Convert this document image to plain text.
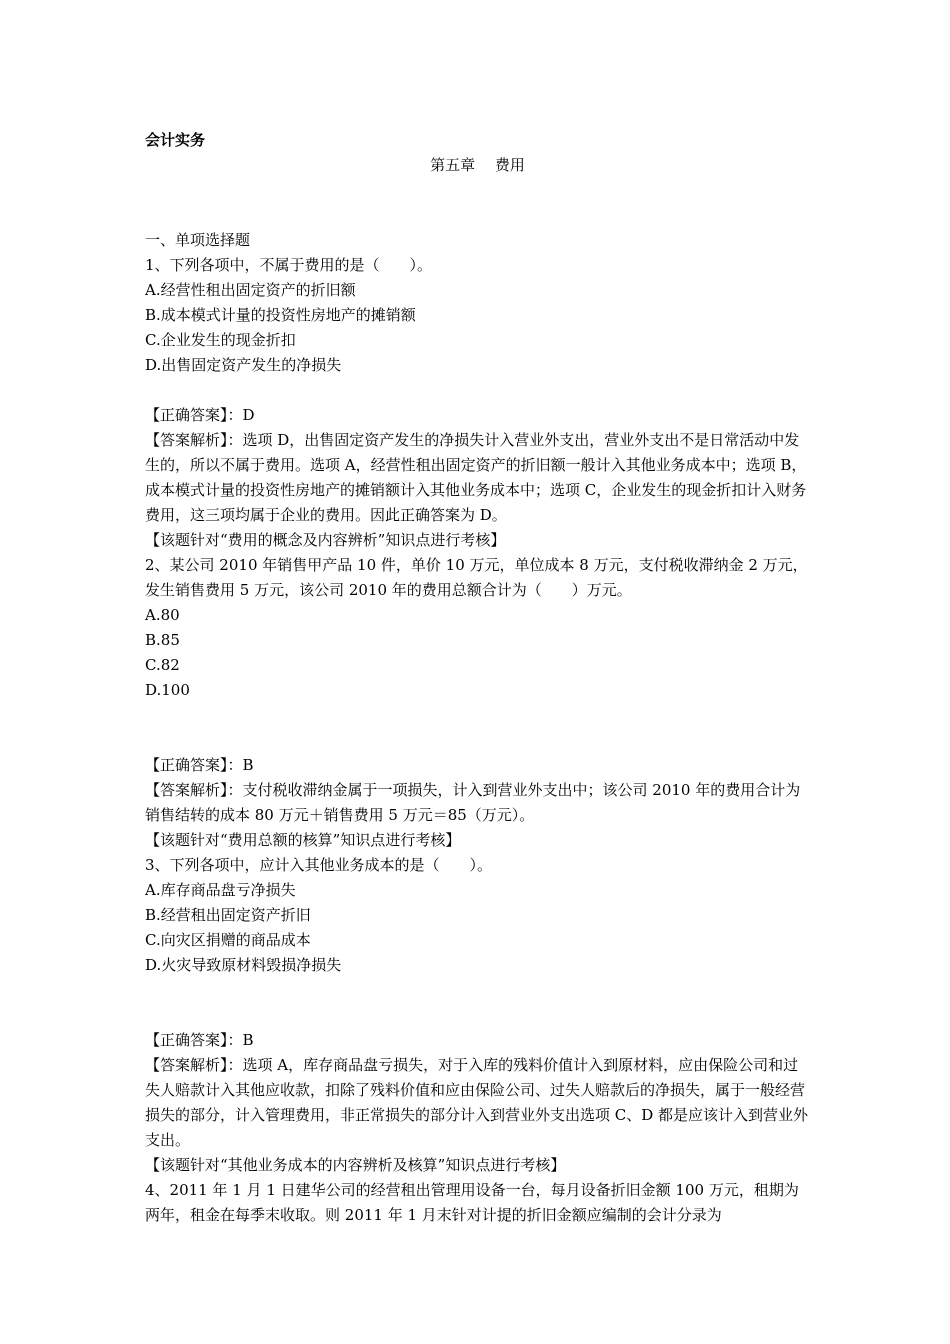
会计实务
第五章　 费用
一、单项选择题
1、下列各项中，不属于费用的是（　　）。
A.经营性租出固定资产的折旧额
B.成本模式计量的投资性房地产的摊销额
C.企业发生的现金折扣
D.出售固定资产发生的净损失
【正确答案】：D
【答案解析】：选项 D，出售固定资产发生的净损失计入营业外支出，营业外支出不是日常活动中发生的，所以不属于费用。选项 A，经营性租出固定资产的折旧额一般计入其他业务成本中；选项 B，成本模式计量的投资性房地产的摊销额计入其他业务成本中；选项 C，企业发生的现金折扣计入财务费用，这三项均属于企业的费用。因此正确答案为 D。
【该题针对“费用的概念及内容辨析”知识点进行考核】
2、某公司 2010 年销售甲产品 10 件，单价 10 万元，单位成本 8 万元，支付税收滞纳金 2 万元，发生销售费用 5 万元，该公司 2010 年的费用总额合计为（　　）万元。
A.80
B.85
C.82
D.100
【正确答案】：B
【答案解析】：支付税收滞纳金属于一项损失，计入到营业外支出中；该公司 2010 年的费用合计为销售结转的成本 80 万元＋销售费用 5 万元＝85（万元）。
【该题针对“费用总额的核算”知识点进行考核】
3、下列各项中，应计入其他业务成本的是（　　）。
A.库存商品盘亏净损失
B.经营租出固定资产折旧
C.向灾区捐赠的商品成本
D.火灾导致原材料毁损净损失
【正确答案】：B
【答案解析】：选项 A，库存商品盘亏损失，对于入库的残料价值计入到原材料，应由保险公司和过失人赔款计入其他应收款，扣除了残料价值和应由保险公司、过失人赔款后的净损失，属于一般经营损失的部分，计入管理费用，非正常损失的部分计入到营业外支出选项 C、D 都是应该计入到营业外支出。
【该题针对“其他业务成本的内容辨析及核算”知识点进行考核】
4、2011 年 1 月 1 日建华公司的经营租出管理用设备一台，每月设备折旧金额 100 万元，租期为两年，租金在每季末收取。则 2011 年 1 月末针对计提的折旧金额应编制的会计分录为
